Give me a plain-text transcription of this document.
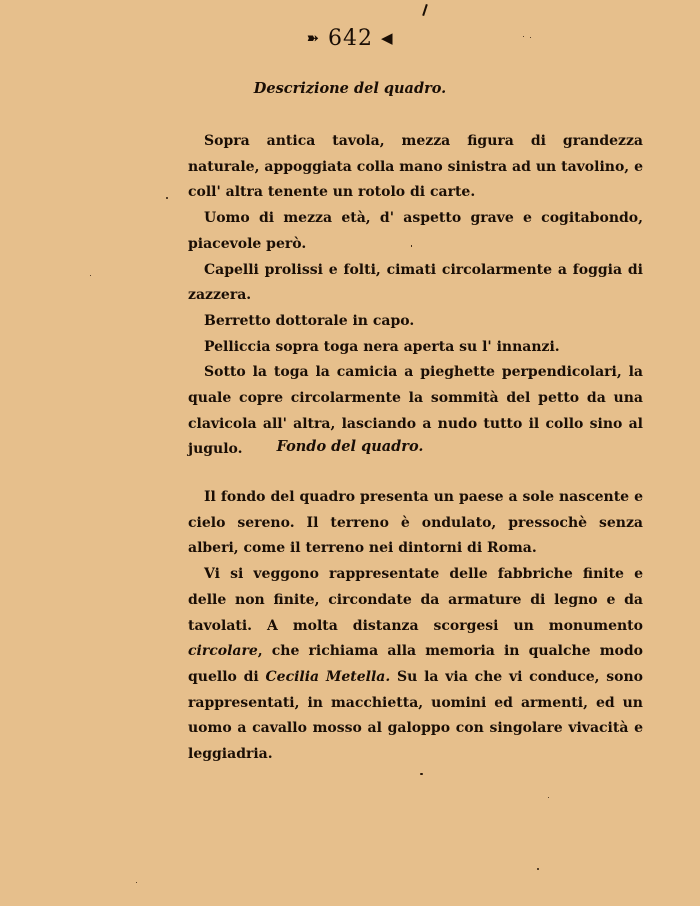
➽ 642 ◀
Descrizione del quadro.

Sopra antica tavola, mezza figura di grandezza naturale, appoggiata colla mano sinistra ad un tavolino, e coll' altra tenente un rotolo di carte.

Uomo di mezza età, d' aspetto grave e cogitabondo, piacevole però.

Capelli prolissi e folti, cimati circolarmente a foggia di zazzera.

Berretto dottorale in capo.

Pelliccia sopra toga nera aperta su l' innanzi.

Sotto la toga la camicia a pieghette perpendicolari, la quale copre circolarmente la sommità del petto da una clavicola all' altra, lasciando a nudo tutto il collo sino al jugulo.	Fondo del quadro.

Il fondo del quadro presenta un paese a sole nascente e cielo sereno. Il terreno è ondulato, pressochè senza alberi, come il terreno nei dintorni di Roma.

Vi si veggono rappresentate delle fabbriche finite e delle non finite, circondate da armature di legno e da tavolati. A molta distanza scorgesi un monumento circolare, che richiama alla memoria in qualche modo quello di Cecilia Metella. Su la via che vi conduce, sono rappresentati, in macchietta, uomini ed armenti, ed un uomo a cavallo mosso al galoppo con singolare vivacità e leggiadria.
